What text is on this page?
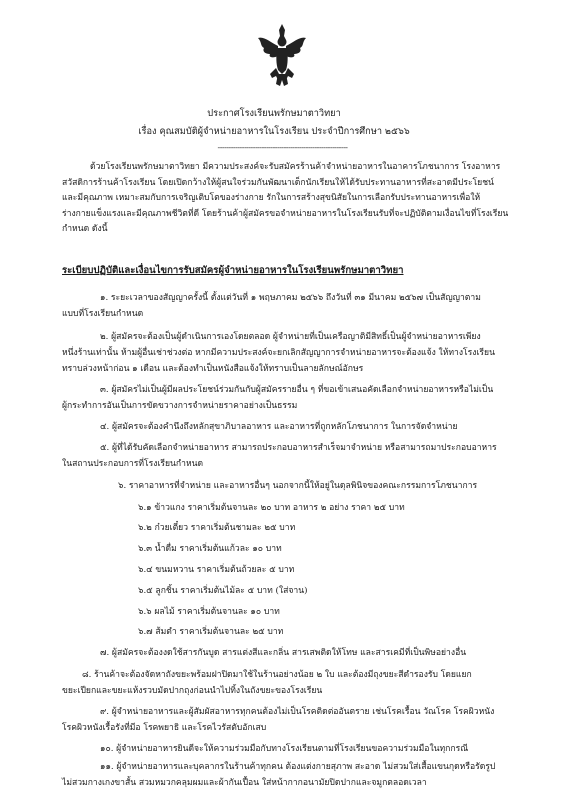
ประกาศโรงเรียนพรักษมาตาวิทยา
เรื่อง คุณสมบัติผู้จำหน่ายอาหารในโรงเรียน ประจำปีการศึกษา ๒๕๖๖
-----------------------------------------------------------
ด้วยโรงเรียนพรักษมาตาวิทยา มีความประสงค์จะรับสมัครร้านค้าจำหน่ายอาหารในอาคารโภชนาการ โรงอาหาร
สวัสดิการร้านค้าโรงเรียน โดยเปิดกว้างให้ผู้สนใจร่วมกันพัฒนาเด็กนักเรียนให้ได้รับประทานอาหารที่สะอาดมีประโยชน์
และมีคุณภาพ เหมาะสมกับการเจริญเติบโตของร่างกาย รักในการสร้างสุขนิสัยในการเลือกรับประทานอาหารเพื่อให้
ร่างกายแข็งแรงและมีคุณภาพชีวิตที่ดี โดยร้านค้าผู้สมัครขอจำหน่ายอาหารในโรงเรียนรับที่จะปฏิบัติตามเงื่อนไขที่โรงเรียน
กำหนด ดังนี้
ระเบียบปฏิบัติและเงื่อนไขการรับสมัครผู้จำหน่ายอาหารในโรงเรียนพรักษมาตาวิทยา
๑. ระยะเวลาของสัญญาครั้งนี้ ตั้งแต่วันที่ ๑ พฤษภาคม ๒๕๖๖ ถึงวันที่ ๓๑ มีนาคม ๒๕๖๗ เป็นสัญญาตาม
แบบที่โรงเรียนกำหนด
๒. ผู้สมัครจะต้องเป็นผู้ดำเนินการเองโดยตลอด ผู้จำหน่ายที่เป็นเครือญาติมีสิทธิ์เป็นผู้จำหน่ายอาหารเพียง
หนึ่งร้านเท่านั้น ห้ามผู้อื่นเช่าช่วงต่อ หากมีความประสงค์จะยกเลิกสัญญาการจำหน่ายอาหารจะต้องแจ้ง ให้ทางโรงเรียน
ทราบล่วงหน้าก่อน ๑ เดือน และต้องทำเป็นหนังสือแจ้งให้ทราบเป็นลายลักษณ์อักษร
๓. ผู้สมัครไม่เป็นผู้มีผลประโยชน์ร่วมกันกับผู้สมัครรายอื่น ๆ ที่ขอเข้าเสนอคัดเลือกจำหน่ายอาหารหรือไม่เป็น
ผู้กระทำการอันเป็นการขัดขวางการจำหน่ายราคาอย่างเป็นธรรม
๔. ผู้สมัครจะต้องคำนึงถึงหลักสุขาภิบาลอาหาร และอาหารที่ถูกหลักโภชนาการ ในการจัดจำหน่าย
๕. ผู้ที่ได้รับคัดเลือกจำหน่ายอาหาร สามารถประกอบอาหารสำเร็จมาจำหน่าย หรือสามารถมาประกอบอาหาร
ในสถานประกอบการที่โรงเรียนกำหนด
๖. ราคาอาหารที่จำหน่าย และอาหารอื่นๆ นอกจากนี้ให้อยู่ในดุลพินิจของคณะกรรมการโภชนาการ
๖.๑ ข้าวแกง ราคาเริ่มต้นจานละ ๒๐ บาท อาหาร ๒ อย่าง ราคา ๒๕ บาท
๖.๒ ก๋วยเตี๋ยว ราคาเริ่มต้นชามละ ๒๕ บาท
๖.๓ น้ำดื่ม ราคาเริ่มต้นแก้วละ ๑๐ บาท
๖.๔ ขนมหวาน ราคาเริ่มต้นถ้วยละ ๕ บาท
๖.๕ ลูกชิ้น ราคาเริ่มต้นไม้ละ ๕ บาท (ใส่จาน)
๖.๖ ผลไม้ ราคาเริ่มต้นจานละ ๑๐ บาท
๖.๗ ส้มตำ ราคาเริ่มต้นจานละ ๒๕ บาท
๗. ผู้สมัครจะต้องงดใช้สารกันบูด สารแต่งสีและกลิ่น สารเสพติดให้โทษ และสารเคมีที่เป็นพิษอย่างอื่น
๘. ร้านค้าจะต้องจัดหาถังขยะพร้อมฝาปิดมาใช้ในร้านอย่างน้อย ๒ ใบ และต้องมีถุงขยะสีดำรองรับ โดยแยก
ขยะเปียกและขยะแห้งรวบมัดปากถุงก่อนนำไปทิ้งในถังขยะของโรงเรียน
๙. ผู้จำหน่ายอาหารและผู้สัมผัสอาหารทุกคนต้องไม่เป็นโรคติดต่ออันตราย เช่นโรคเรื้อน วัณโรค โรคผิวหนัง
โรคผิวหนังเรื้อรังที่มีอ โรคพยาธิ และโรคไวรัสตับอักเสบ
๑๐. ผู้จำหน่ายอาหารยินดีจะให้ความร่วมมือกับทางโรงเรียนตามที่โรงเรียนขอความร่วมมือในทุกกรณี
๑๑. ผู้จำหน่ายอาหารและบุคลากรในร้านค้าทุกคน ต้องแต่งกายสุภาพ สะอาด ไม่สวมใส่เสื้อแขนกุดหรือรัดรูป
ไม่สวมกางเกงขาสั้น สวมหมวกคลุมผมและผ้ากันเปื้อน ใส่หน้ากากอนามัยปิดปากและจมูกตลอดเวลา
